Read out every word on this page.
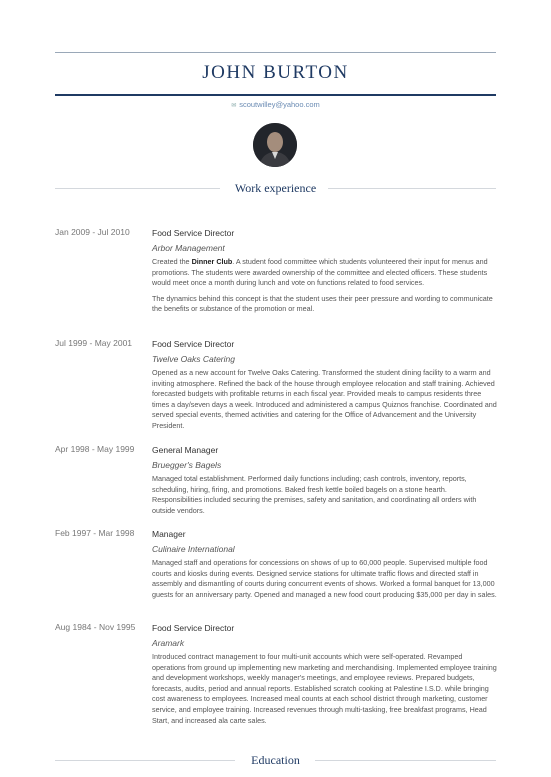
JOHN BURTON
✉ scoutwilley@yahoo.com
Work experience
Jan 2009 - Jul 2010	Food Service Director
Arbor Management

Created the Dinner Club. A student food committee which students volunteered their input for menus and promotions. The students were awarded ownership of the committee and elected officers. These students would meet once a month during lunch and vote on functions related to food services.

The dynamics behind this concept is that the student uses their peer pressure and wording to communicate the benefits or substance of the promotion or meal.

Jul 1999 - May 2001 Food Service Director
Twelve Oaks Catering
Opened as a new account for Twelve Oaks Catering. Transformed the student dining facility to a warm and inviting atmosphere. Refined the back of the house through employee relocation and staff training. Achieved forecasted budgets with profitable returns in each fiscal year. Provided meals to campus residents three times a day/seven days a week. Introduced and administered a campus Quiznos franchise. Coordinated and served special events, themed activities and catering for the Office of Advancement and the University President.
Apr 1998 - May 1999 General Manager
Bruegger's Bagels
Managed total establishment. Performed daily functions including; cash controls, inventory, reports, scheduling, hiring, firing, and promotions. Baked fresh kettle boiled bagels on a stone hearth. Responsibilities included securing the premises, safety and sanitation, and coordinating all orders with outside vendors.
Feb 1997 - Mar 1998 Manager
Culinaire International
Managed staff and operations for concessions on shows of up to 60,000 people. Supervised multiple food courts and kiosks during events. Designed service stations for ultimate traffic flows and directed staff in assembly and dismantling of courts during concurrent events of shows. Worked a formal banquet for 13,000 guests for an anniversary party. Opened and managed a new food court producing $35,000 per day in sales.
Aug 1984 - Nov 1995 Food Service Director
Aramark
Introduced contract management to four multi-unit accounts which were self-operated. Revamped operations from ground up implementing new marketing and merchandising. Implemented employee training and development workshops, weekly manager's meetings, and employee reviews. Prepared budgets, forecasts, audits, period and annual reports. Established scratch cooking at Palestine I.S.D. while bringing cost awareness to employees. Increased meal counts at each school district through marketing, customer service, and employee training. Increased revenues through multi-tasking, free breakfast programs, Head Start, and increased ala carte sales.
Education
